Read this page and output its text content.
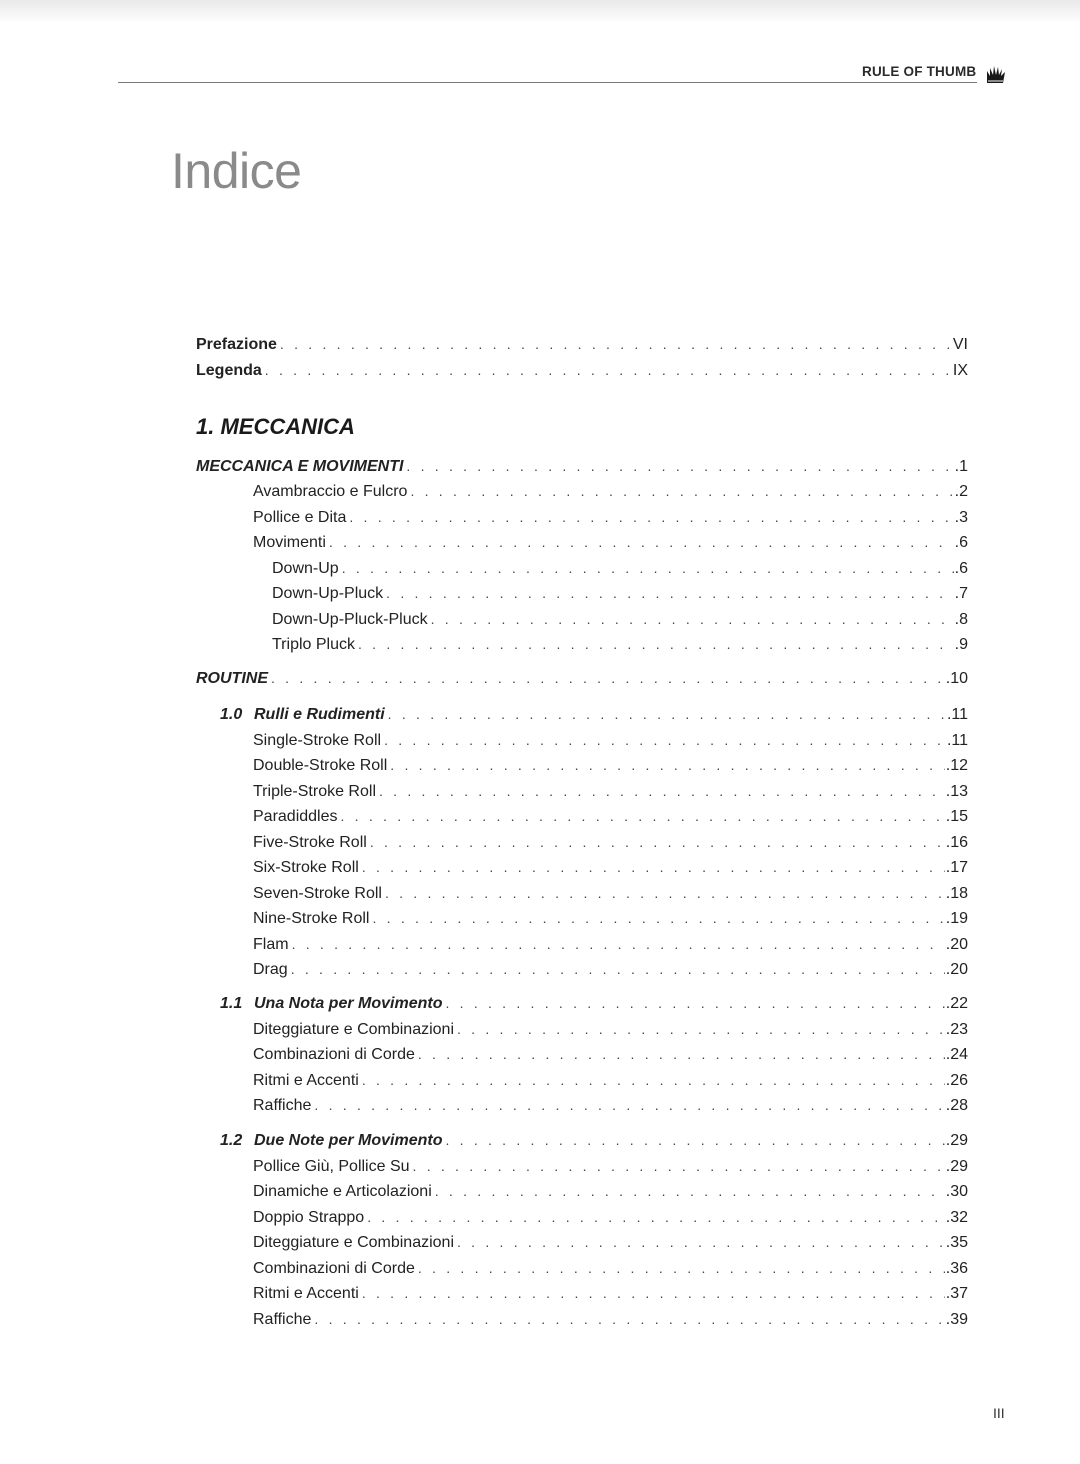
RULE OF THUMB
Indice
1. MECCANICA
Prefazione . . .	VI
Legenda . . .	IX
MECCANICA E MOVIMENTI . . .	.1
Avambraccio e Fulcro . . .	.2
Pollice e Dita . . .	.3
Movimenti . . .	.6
Down-Up . . .	.6
Down-Up-Pluck . . .	.7
Down-Up-Pluck-Pluck . . .	.8
Triplo Pluck . . .	.9
ROUTINE . . .	.10
1.0 Rulli e Rudimenti . . .	.11
Single-Stroke Roll . . .	.11
Double-Stroke Roll . . .	.12
Triple-Stroke Roll . . .	.13
Paradiddles . . .	.15
Five-Stroke Roll . . .	.16
Six-Stroke Roll . . .	.17
Seven-Stroke Roll . . .	.18
Nine-Stroke Roll . . .	.19
Flam . . .	.20
Drag . . .	.20
1.1 Una Nota per Movimento . . .	.22
Diteggiature e Combinazioni . . .	.23
Combinazioni di Corde . . .	.24
Ritmi e Accenti . . .	.26
Raffiche . . .	.28
1.2 Due Note per Movimento . . .	.29
Pollice Giù, Pollice Su . . .	.29
Dinamiche e Articolazioni . . .	.30
Doppio Strappo . . .	.32
Diteggiature e Combinazioni . . .	.35
Combinazioni di Corde . . .	.36
Ritmi e Accenti . . .	.37
Raffiche . . .	.39
III
